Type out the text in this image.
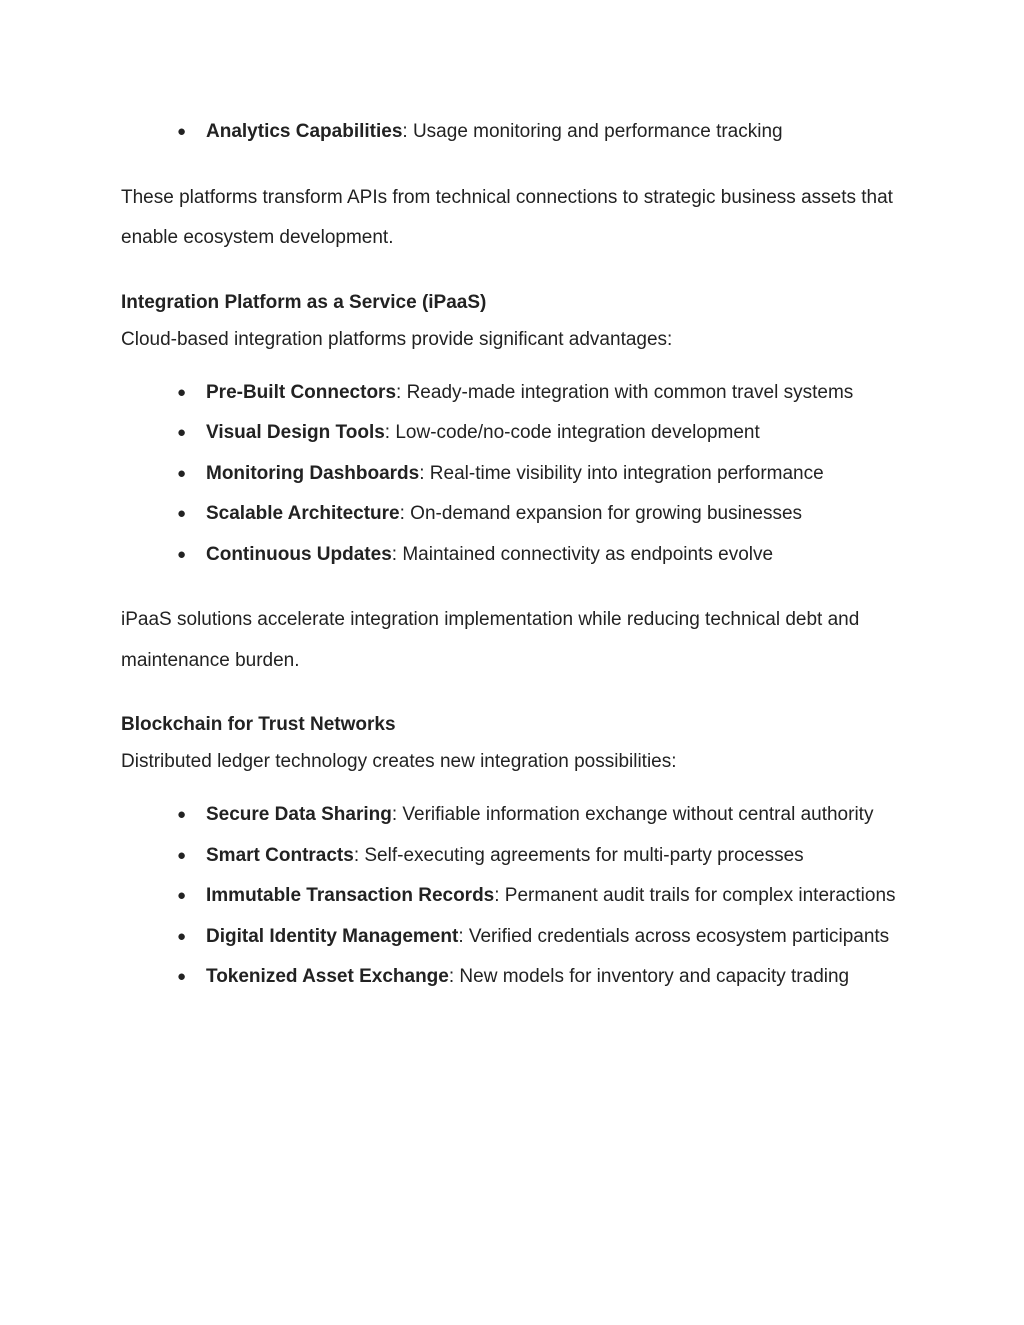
● Analytics Capabilities: Usage monitoring and performance tracking

These platforms transform APIs from technical connections to strategic business assets that enable ecosystem development.

Integration Platform as a Service (iPaaS)

Cloud-based integration platforms provide significant advantages:

● Pre-Built Connectors: Ready-made integration with common travel systems
● Visual Design Tools: Low-code/no-code integration development
● Monitoring Dashboards: Real-time visibility into integration performance
● Scalable Architecture: On-demand expansion for growing businesses
● Continuous Updates: Maintained connectivity as endpoints evolve

iPaaS solutions accelerate integration implementation while reducing technical debt and maintenance burden.

Blockchain for Trust Networks

Distributed ledger technology creates new integration possibilities:

● Secure Data Sharing: Verifiable information exchange without central authority
● Smart Contracts: Self-executing agreements for multi-party processes
● Immutable Transaction Records: Permanent audit trails for complex interactions
● Digital Identity Management: Verified credentials across ecosystem participants
● Tokenized Asset Exchange: New models for inventory and capacity trading
